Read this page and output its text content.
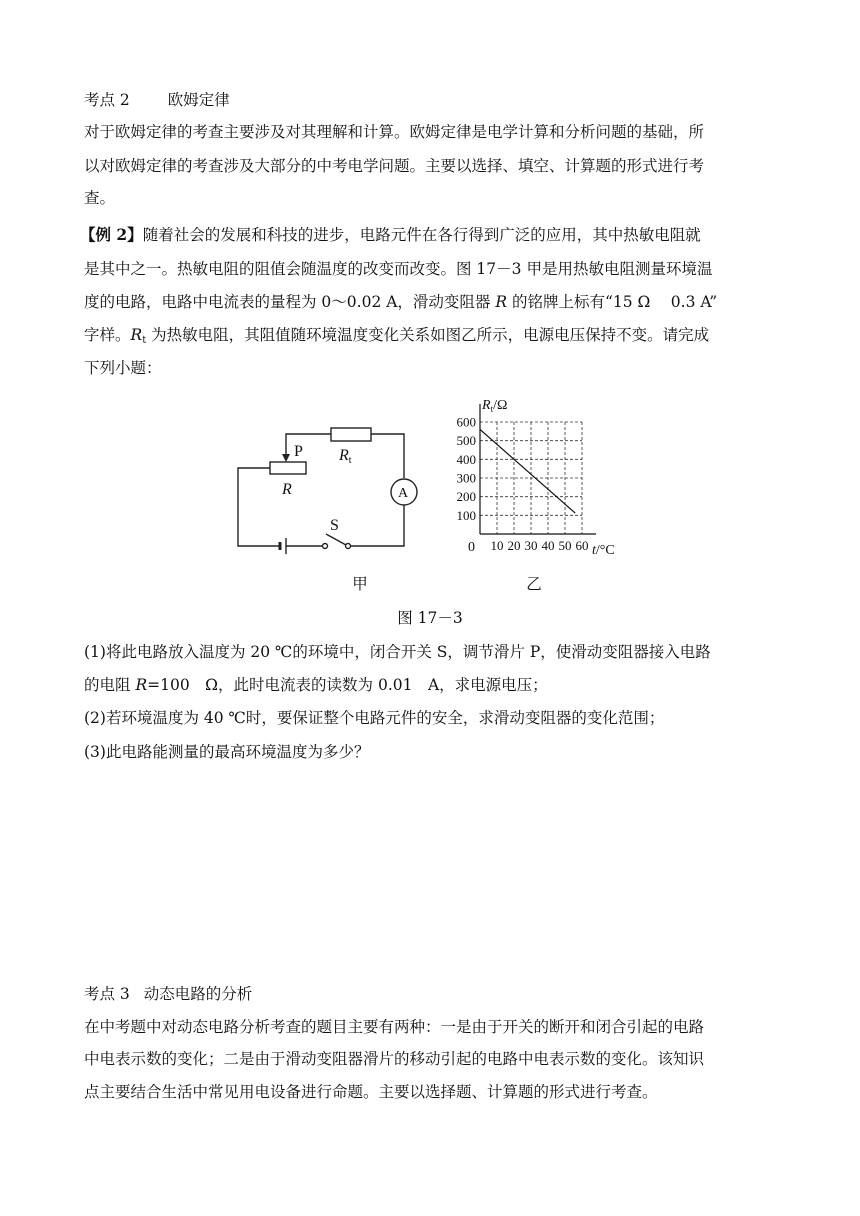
考点 2 欧姆定律
对于欧姆定律的考查主要涉及对其理解和计算。欧姆定律是电学计算和分析问题的基础，所
以对欧姆定律的考查涉及大部分的中考电学问题。主要以选择、填空、计算题的形式进行考
查。
【例 2】随着社会的发展和科技的进步，电路元件在各行得到广泛的应用，其中热敏电阻就
是其中之一。热敏电阻的阻值会随温度的改变而改变。图 17－3 甲是用热敏电阻测量环境温
度的电路，电路中电流表的量程为 0～0.02 A，滑动变阻器 R 的铭牌上标有“15 Ω　 0.3 A”
字样。$R_t$ 为热敏电阻，其阻值随环境温度变化关系如图乙所示，电源电压保持不变。请完成
下列小题：
P
R
Rt
A
S
10 20 30 40 50 60
100
200
300
400
500
600
$R_t/\Omega$
t/°C
0
甲	乙
图 17－3
(1)将此电路放入温度为 20 ℃的环境中，闭合开关 S，调节滑片 P，使滑动变阻器接入电路
的电阻 R=100　Ω，此时电流表的读数为 0.01　A，求电源电压；
(2)若环境温度为 40 ℃时，要保证整个电路元件的安全，求滑动变阻器的变化范围；
(3)此电路能测量的最高环境温度为多少？
考点 3 动态电路的分析
在中考题中对动态电路分析考查的题目主要有两种：一是由于开关的断开和闭合引起的电路
中电表示数的变化；二是由于滑动变阻器滑片的移动引起的电路中电表示数的变化。该知识
点主要结合生活中常见用电设备进行命题。主要以选择题、计算题的形式进行考查。
